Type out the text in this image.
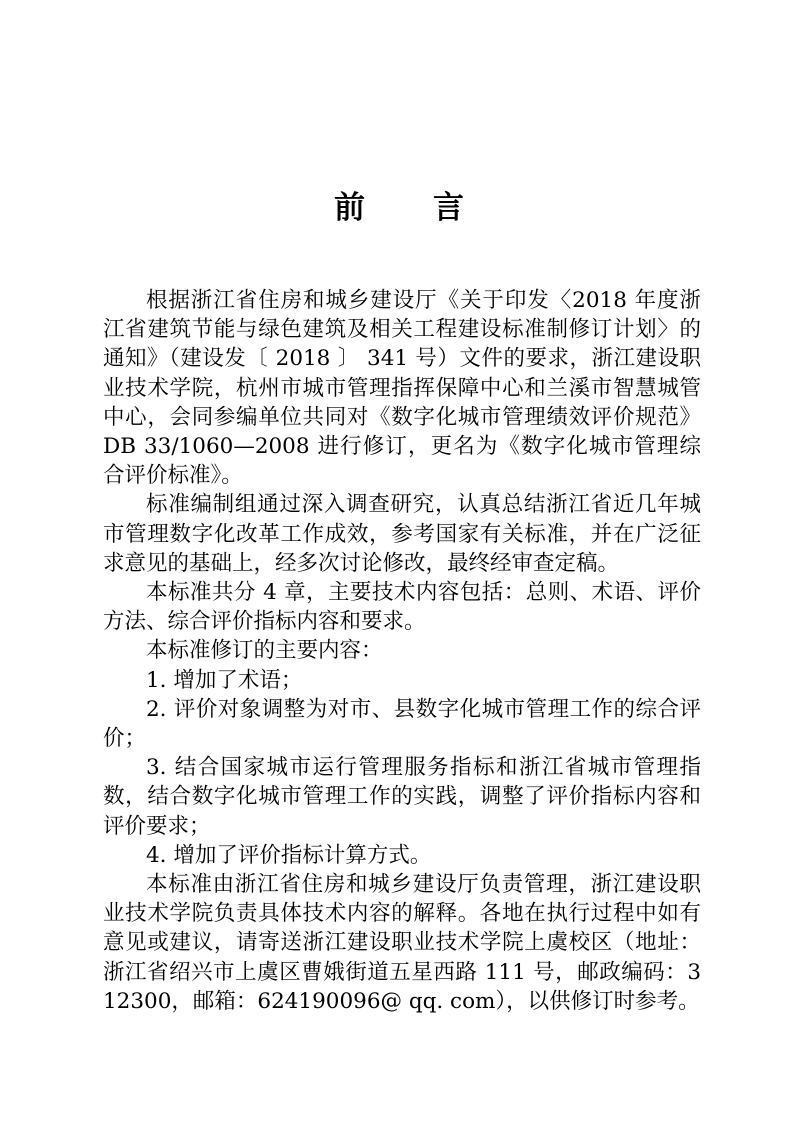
前　　言

根据浙江省住房和城乡建设厅《关于印发〈2018 年度浙江省建筑节能与绿色建筑及相关工程建设标准制修订计划〉的通知》（建设发〔 2018 〕 341 号）文件的要求，浙江建设职业技术学院，杭州市城市管理指挥保障中心和兰溪市智慧城管中心，会同参编单位共同对《数字化城市管理绩效评价规范》 DB 33/1060—2008 进行修订，更名为《数字化城市管理综合评价标准》。

标准编制组通过深入调查研究，认真总结浙江省近几年城市管理数字化改革工作成效，参考国家有关标准，并在广泛征求意见的基础上，经多次讨论修改，最终经审查定稿。

本标准共分 4 章，主要技术内容包括：总则、术语、评价方法、综合评价指标内容和要求。

本标准修订的主要内容：

1. 增加了术语；

2. 评价对象调整为对市、县数字化城市管理工作的综合评价；

3. 结合国家城市运行管理服务指标和浙江省城市管理指数，结合数字化城市管理工作的实践，调整了评价指标内容和评价要求；

4. 增加了评价指标计算方式。

本标准由浙江省住房和城乡建设厅负责管理，浙江建设职业技术学院负责具体技术内容的解释。各地在执行过程中如有意见或建议，请寄送浙江建设职业技术学院上虞校区（地址：浙江省绍兴市上虞区曹娥街道五星西路 111 号，邮政编码：312300，邮箱：624190096@ qq. com），以供修订时参考。
